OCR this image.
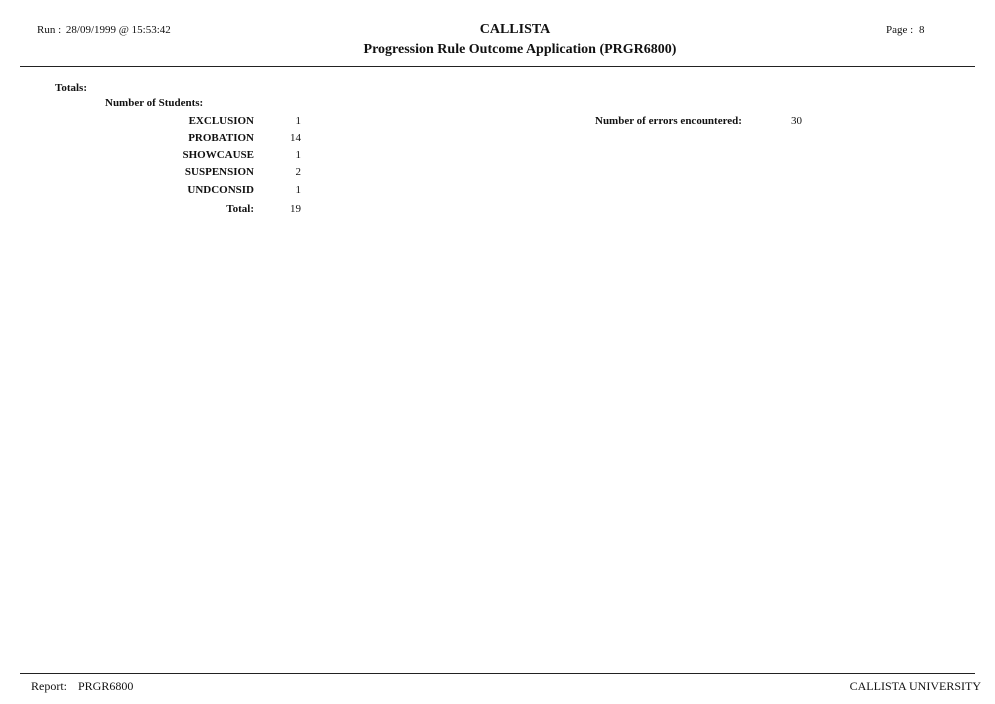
Run : 28/09/1999 @ 15:53:42	CALLISTA
Progression Rule Outcome Application (PRGR6800)
Page : 8
Totals:
Number of Students:
EXCLUSION	1
PROBATION	14
SHOWCAUSE	1
SUSPENSION	2
UNDCONSID	1
Total:	19
Number of errors encountered:	30
Report: PRGR6800	CALLISTA UNIVERSITY
